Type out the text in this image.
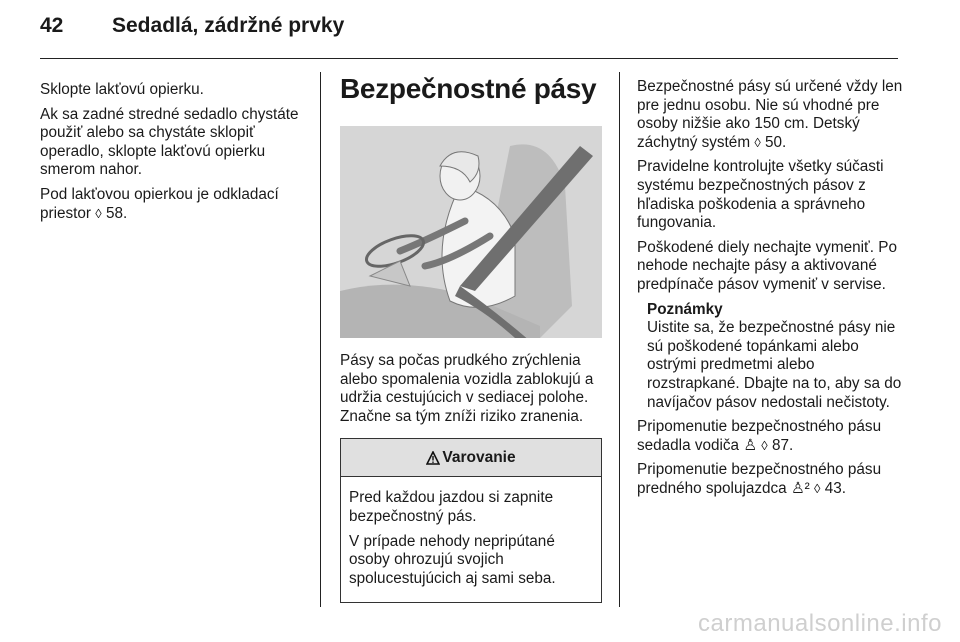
42 Sedadlá, zádržné prvky

Sklopte lakťovú opierku.

Ak sa zadné stredné sedadlo chystáte použiť alebo sa chystáte sklopiť operadlo, sklopte lakťovú opierku smerom nahor.

Pod lakťovou opierkou je odkladací priestor ◊ 58.

Bezpečnostné pásy

Pásy sa počas prudkého zrýchlenia alebo spomalenia vozidla zablokujú a udržia cestujúcich v sediacej polohe. Značne sa tým zníži riziko zranenia.

Varovanie

Pred každou jazdou si zapnite bezpečnostný pás.

V prípade nehody nepripútané osoby ohrozujú svojich spolucestujúcich aj sami seba.

Bezpečnostné pásy sú určené vždy len pre jednu osobu. Nie sú vhodné pre osoby nižšie ako 150 cm. Detský záchytný systém ◊ 50.

Pravidelne kontrolujte všetky súčasti systému bezpečnostných pásov z hľadiska poškodenia a správneho fungovania.

Poškodené diely nechajte vymeniť. Po nehode nechajte pásy a aktivované predpínače pásov vymeniť v servise.

Poznámky

Uistite sa, že bezpečnostné pásy nie sú poškodené topánkami alebo ostrými predmetmi alebo rozstrapkané. Dbajte na to, aby sa do navíjačov pásov nedostali nečistoty.

Pripomenutie bezpečnostného pásu sedadla vodiča ♙ ◊ 87.

Pripomenutie bezpečnostného pásu predného spolujazdca ♙² ◊ 43.

carmanualsonline.info
